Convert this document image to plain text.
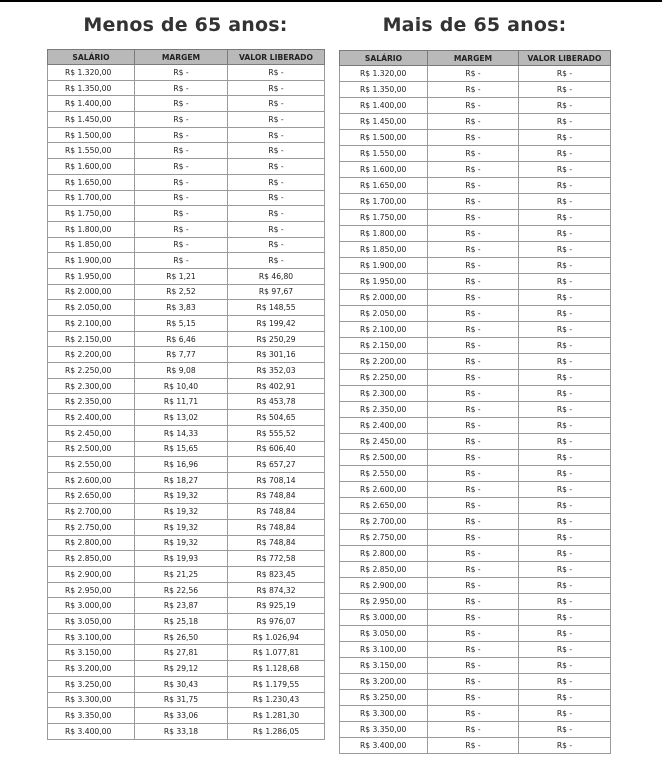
Menos de 65 anos:
SALÁRIO	MARGEM	VALOR LIBERADO
R$ 1.320,00	R$ -	R$ -
R$ 1.350,00	R$ -	R$ -
R$ 1.400,00	R$ -	R$ -
R$ 1.450,00	R$ -	R$ -
R$ 1.500,00	R$ -	R$ -
R$ 1.550,00	R$ -	R$ -
R$ 1.600,00	R$ -	R$ -
R$ 1.650,00	R$ -	R$ -
R$ 1.700,00	R$ -	R$ -
R$ 1.750,00	R$ -	R$ -
R$ 1.800,00	R$ -	R$ -
R$ 1.850,00	R$ -	R$ -
R$ 1.900,00	R$ -	R$ -
R$ 1.950,00	R$ 1,21	R$ 46,80
R$ 2.000,00	R$ 2,52	R$ 97,67
R$ 2.050,00	R$ 3,83	R$ 148,55
R$ 2.100,00	R$ 5,15	R$ 199,42
R$ 2.150,00	R$ 6,46	R$ 250,29
R$ 2.200,00	R$ 7,77	R$ 301,16
R$ 2.250,00	R$ 9,08	R$ 352,03
R$ 2.300,00	R$ 10,40	R$ 402,91
R$ 2.350,00	R$ 11,71	R$ 453,78
R$ 2.400,00	R$ 13,02	R$ 504,65
R$ 2.450,00	R$ 14,33	R$ 555,52
R$ 2.500,00	R$ 15,65	R$ 606,40
R$ 2.550,00	R$ 16,96	R$ 657,27
R$ 2.600,00	R$ 18,27	R$ 708,14
R$ 2.650,00	R$ 19,32	R$ 748,84
R$ 2.700,00	R$ 19,32	R$ 748,84
R$ 2.750,00	R$ 19,32	R$ 748,84
R$ 2.800,00	R$ 19,32	R$ 748,84
R$ 2.850,00	R$ 19,93	R$ 772,58
R$ 2.900,00	R$ 21,25	R$ 823,45
R$ 2.950,00	R$ 22,56	R$ 874,32
R$ 3.000,00	R$ 23,87	R$ 925,19
R$ 3.050,00	R$ 25,18	R$ 976,07
R$ 3.100,00	R$ 26,50	R$ 1.026,94
R$ 3.150,00	R$ 27,81	R$ 1.077,81
R$ 3.200,00	R$ 29,12	R$ 1.128,68
R$ 3.250,00	R$ 30,43	R$ 1.179,55
R$ 3.300,00	R$ 31,75	R$ 1.230,43
R$ 3.350,00	R$ 33,06	R$ 1.281,30
R$ 3.400,00	R$ 33,18	R$ 1.286,05
Mais de 65 anos:
SALÁRIO	MARGEM	VALOR LIBERADO
R$ 1.320,00	R$ -	R$ -
R$ 1.350,00	R$ -	R$ -
R$ 1.400,00	R$ -	R$ -
R$ 1.450,00	R$ -	R$ -
R$ 1.500,00	R$ -	R$ -
R$ 1.550,00	R$ -	R$ -
R$ 1.600,00	R$ -	R$ -
R$ 1.650,00	R$ -	R$ -
R$ 1.700,00	R$ -	R$ -
R$ 1.750,00	R$ -	R$ -
R$ 1.800,00	R$ -	R$ -
R$ 1.850,00	R$ -	R$ -
R$ 1.900,00	R$ -	R$ -
R$ 1.950,00	R$ -	R$ -
R$ 2.000,00	R$ -	R$ -
R$ 2.050,00	R$ -	R$ -
R$ 2.100,00	R$ -	R$ -
R$ 2.150,00	R$ -	R$ -
R$ 2.200,00	R$ -	R$ -
R$ 2.250,00	R$ -	R$ -
R$ 2.300,00	R$ -	R$ -
R$ 2.350,00	R$ -	R$ -
R$ 2.400,00	R$ -	R$ -
R$ 2.450,00	R$ -	R$ -
R$ 2.500,00	R$ -	R$ -
R$ 2.550,00	R$ -	R$ -
R$ 2.600,00	R$ -	R$ -
R$ 2.650,00	R$ -	R$ -
R$ 2.700,00	R$ -	R$ -
R$ 2.750,00	R$ -	R$ -
R$ 2.800,00	R$ -	R$ -
R$ 2.850,00	R$ -	R$ -
R$ 2.900,00	R$ -	R$ -
R$ 2.950,00	R$ -	R$ -
R$ 3.000,00	R$ -	R$ -
R$ 3.050,00	R$ -	R$ -
R$ 3.100,00	R$ -	R$ -
R$ 3.150,00	R$ -	R$ -
R$ 3.200,00	R$ -	R$ -
R$ 3.250,00	R$ -	R$ -
R$ 3.300,00	R$ -	R$ -
R$ 3.350,00	R$ -	R$ -
R$ 3.400,00	R$ -	R$ -
